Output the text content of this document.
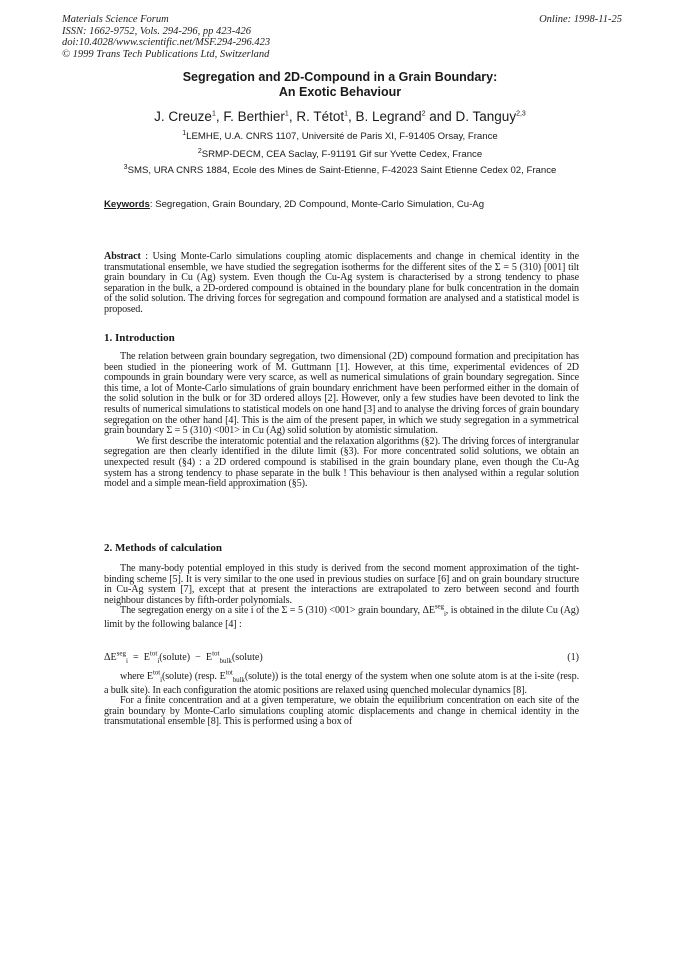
Materials Science Forum
ISSN: 1662-9752, Vols. 294-296, pp 423-426
doi:10.4028/www.scientific.net/MSF.294-296.423
© 1999 Trans Tech Publications Ltd, Switzerland
Online: 1998-11-25
Segregation and 2D-Compound in a Grain Boundary:
An Exotic Behaviour
J. Creuze$^1$, F. Berthier$^1$, R. Tétot$^1$, B. Legrand$^2$ and D. Tanguy$^{2,3}$
$^1$LEMHE, U.A. CNRS 1107, Université de Paris XI, F-91405 Orsay, France
$^2$SRMP-DECM, CEA Saclay, F-91191 Gif sur Yvette Cedex, France
$^3$SMS, URA CNRS 1884, Ecole des Mines de Saint-Etienne, F-42023 Saint Etienne Cedex 02, France
Keywords: Segregation, Grain Boundary, 2D Compound, Monte-Carlo Simulation, Cu-Ag

Abstract : Using Monte-Carlo simulations coupling atomic displacements and change in chemical identity in the transmutational ensemble, we have studied the segregation isotherms for the different sites of the Σ = 5 (310) [001] tilt grain boundary in Cu (Ag) system. Even though the Cu-Ag system is characterised by a strong tendency to phase separation in the bulk, a 2D-ordered compound is obtained in the boundary plane for bulk concentration in the domain of the solid solution. The driving forces for segregation and compound formation are analysed and a statistical model is proposed.

1. Introduction

The relation between grain boundary segregation, two dimensional (2D) compound formation and precipitation has been studied in the pioneering work of M. Guttmann [1]. However, at this time, experimental evidences of 2D compounds in grain boundary were very scarce, as well as numerical simulations of grain boundary segregation. Since this time, a lot of Monte-Carlo simulations of grain boundary enrichment have been performed either in the domain of the solid solution in the bulk or for 3D ordered alloys [2]. However, only a few studies have been devoted to link the results of numerical simulations to statistical models on one hand [3] and to analyse the driving forces of grain boundary segregation on the other hand [4]. This is the aim of the present paper, in which we study segregation in a symmetrical grain boundary Σ = 5 (310) <001> in Cu (Ag) solid solution by atomistic simulation.

We first describe the interatomic potential and the relaxation algorithms (§2). The driving forces of intergranular segregation are then clearly identified in the dilute limit (§3). For more concentrated solid solutions, we obtain an unexpected result (§4) : a 2D ordered compound is stabilised in the grain boundary plane, even though the Cu-Ag system has a strong tendency to phase separate in the bulk ! This behaviour is then analysed within a regular solution model and a simple mean-field approximation (§5).

2. Methods of calculation

The many-body potential employed in this study is derived from the second moment approximation of the tight-binding scheme [5]. It is very similar to the one used in previous studies on surface [6] and on grain boundary structure in Cu-Ag system [7], except that at present the interactions are extrapolated to zero between second and fourth neighbour distances by fifth-order polynomials.

The segregation energy on a site i of the Σ = 5 (310) <001> grain boundary, $\Delta E^{seg}_i$, is obtained in the dilute Cu (Ag) limit by the following balance [4] :

$\Delta E^{seg}_i$  =  $E^{tot}_i(solute)$  −  $E^{tot}_{bulk}(solute)$	(1)

where $E^{tot}_i(solute)$ (resp. $E^{tot}_{bulk}(solute)$) is the total energy of the system when one solute atom is at the i-site (resp. a bulk site). In each configuration the atomic positions are relaxed using quenched molecular dynamics [8].

For a finite concentration and at a given temperature, we obtain the equilibrium concentration on each site of the grain boundary by Monte-Carlo simulations coupling atomic displacements and change in chemical identity in the transmutational ensemble [8]. This is performed using a box of
